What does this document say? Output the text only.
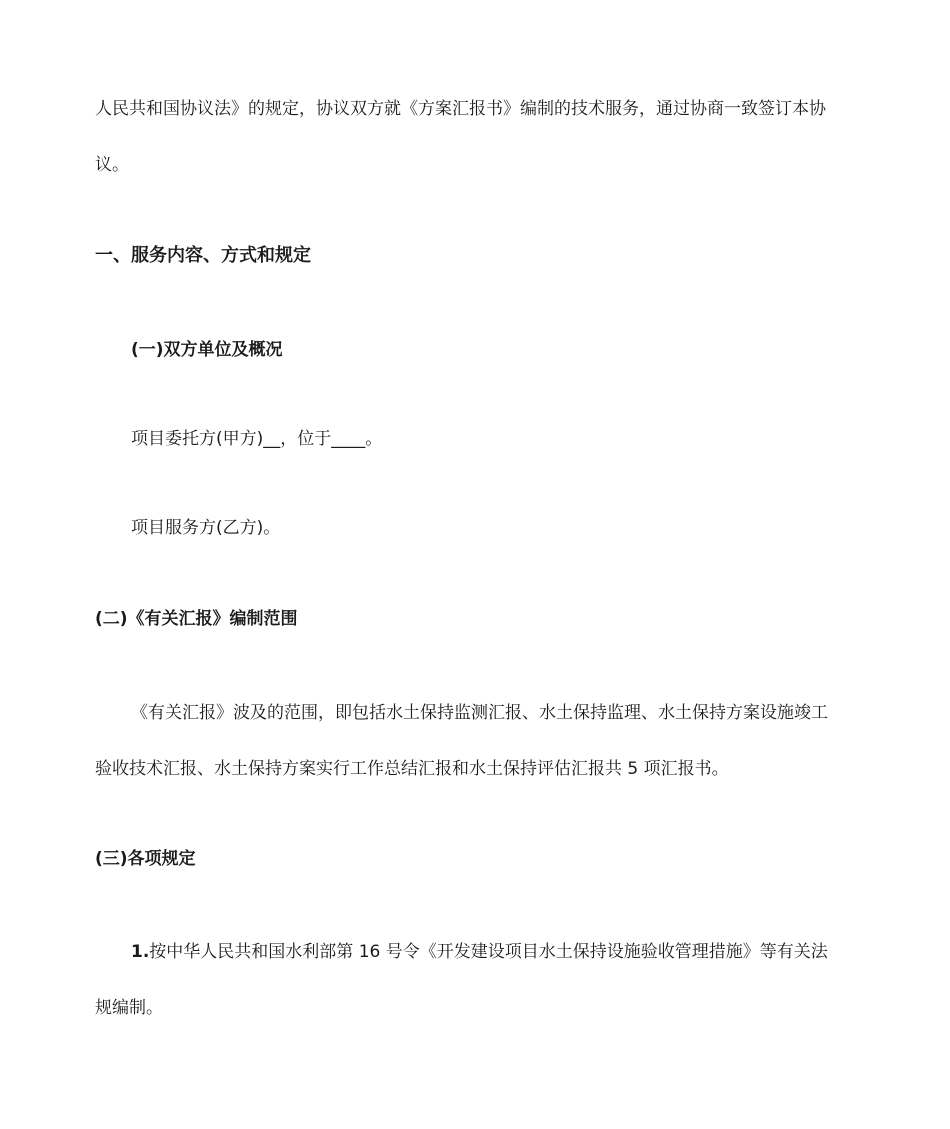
人民共和国协议法》的规定，协议双方就《方案汇报书》编制的技术服务，通过协商一致签订本协
议。
一、服务内容、方式和规定
(一)双方单位及概况
项目委托方(甲方)__，位于____。
项目服务方(乙方)。
(二)《有关汇报》编制范围
《有关汇报》波及的范围，即包括水土保持监测汇报、水土保持监理、水土保持方案设施竣工
验收技术汇报、水土保持方案实行工作总结汇报和水土保持评估汇报共 5 项汇报书。
(三)各项规定
1.按中华人民共和国水利部第 16 号令《开发建设项目水土保持设施验收管理措施》等有关法
规编制。
